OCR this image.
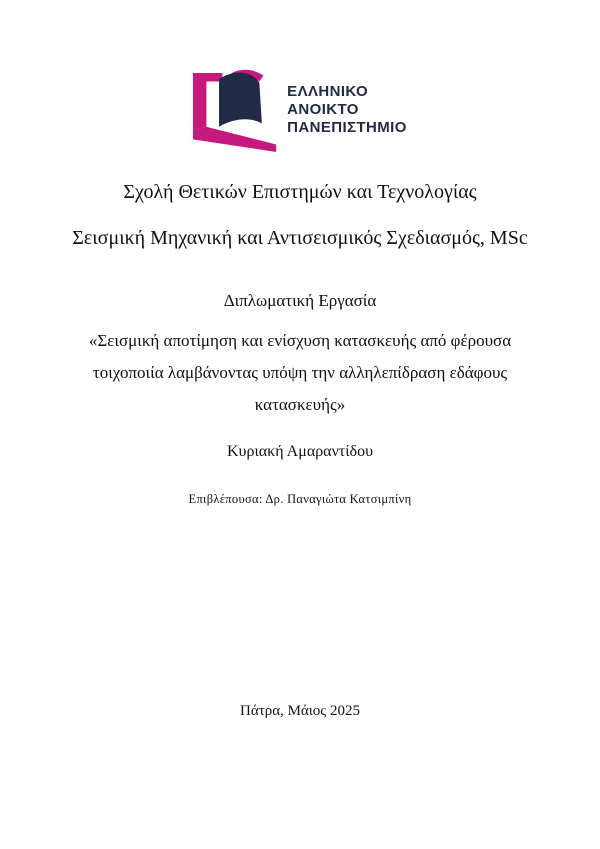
ΕΛΛΗΝΙΚΟ
ΑΝΟΙΚΤΟ
ΠΑΝΕΠΙΣΤΗΜΙΟ
Σχολή Θετικών Επιστημών και Τεχνολογίας
Σεισμική Μηχανική και Αντισεισμικός Σχεδιασμός, MSc
Διπλωματική Εργασία
«Σεισμική αποτίμηση και ενίσχυση κατασκευής από φέρουσα
τοιχοποιία λαμβάνοντας υπόψη την αλληλεπίδραση εδάφους
κατασκευής»
Κυριακή Αμαραντίδου
Επιβλέπουσα: Δρ. Παναγιώτα Κατσιμπίνη
Πάτρα, Μάιος 2025
